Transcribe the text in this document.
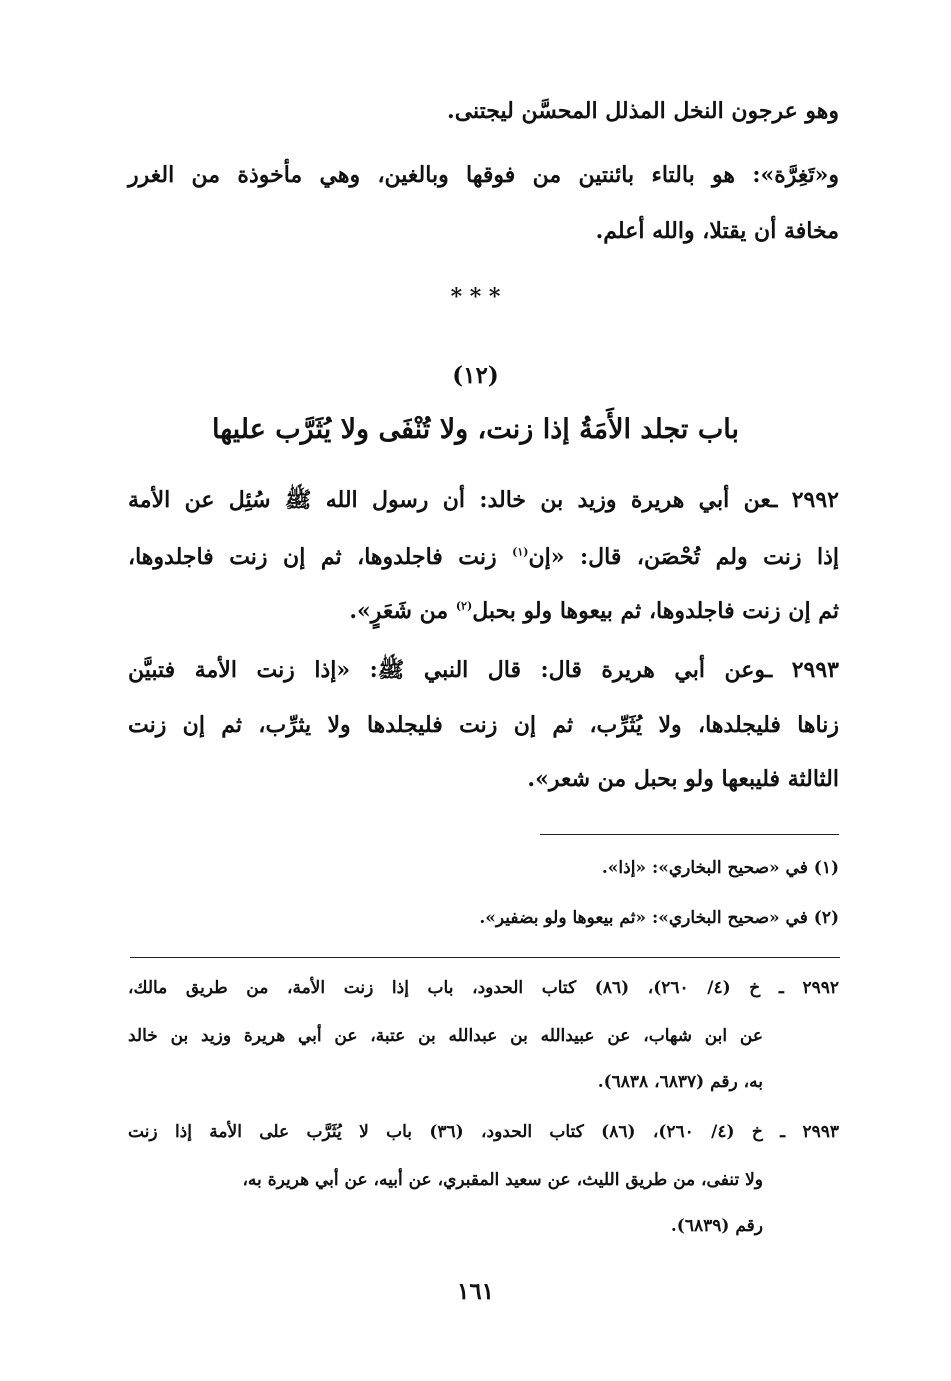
وهو عرجون النخل المذلل المحسَّن ليجتنى.
و«تَغِرَّة»: هو بالتاء بائنتين من فوقها وبالغين، وهي مأخوذة من الغرر
مخافة أن يقتلا، والله أعلم.
* * *
(١٢)
باب تجلد الأَمَةُ إذا زنت، ولا تُنْفَى ولا يُثَرَّب عليها
٢٩٩٢ ـعن أبي هريرة وزيد بن خالد: أن رسول الله ﷺ سُئِل عن الأمة
إذا زنت ولم تُحْصَن، قال: «إن$^{(١)}$ زنت فاجلدوها، ثم إن زنت فاجلدوها،
ثم إن زنت فاجلدوها، ثم بيعوها ولو بحبل$^{(٢)}$ من شَعَرٍ».
٢٩٩٣ ـوعن أبي هريرة قال: قال النبي ﷺ: «إذا زنت الأمة فتبيَّن
زناها فليجلدها، ولا يُثَرِّب، ثم إن زنت فليجلدها ولا يثرِّب، ثم إن زنت
الثالثة فليبعها ولو بحبل من شعر».
(١) في «صحيح البخاري»: «إذا».
(٢) في «صحيح البخاري»: «ثم بيعوها ولو بضفير».
٢٩٩٢ ـ خ (٤/ ٢٦٠)، (٨٦) كتاب الحدود، باب إذا زنت الأمة، من طريق مالك،
عن ابن شهاب، عن عبيدالله بن عبدالله بن عتبة، عن أبي هريرة وزيد بن خالد
به، رقم (٦٨٣٧، ٦٨٣٨).
٢٩٩٣ ـ خ (٤/ ٢٦٠)، (٨٦) كتاب الحدود، (٣٦) باب لا يُثَرَّب على الأمة إذا زنت
ولا تنفى، من طريق الليث، عن سعيد المقبري، عن أبيه، عن أبي هريرة به،
رقم (٦٨٣٩).
١٦١
